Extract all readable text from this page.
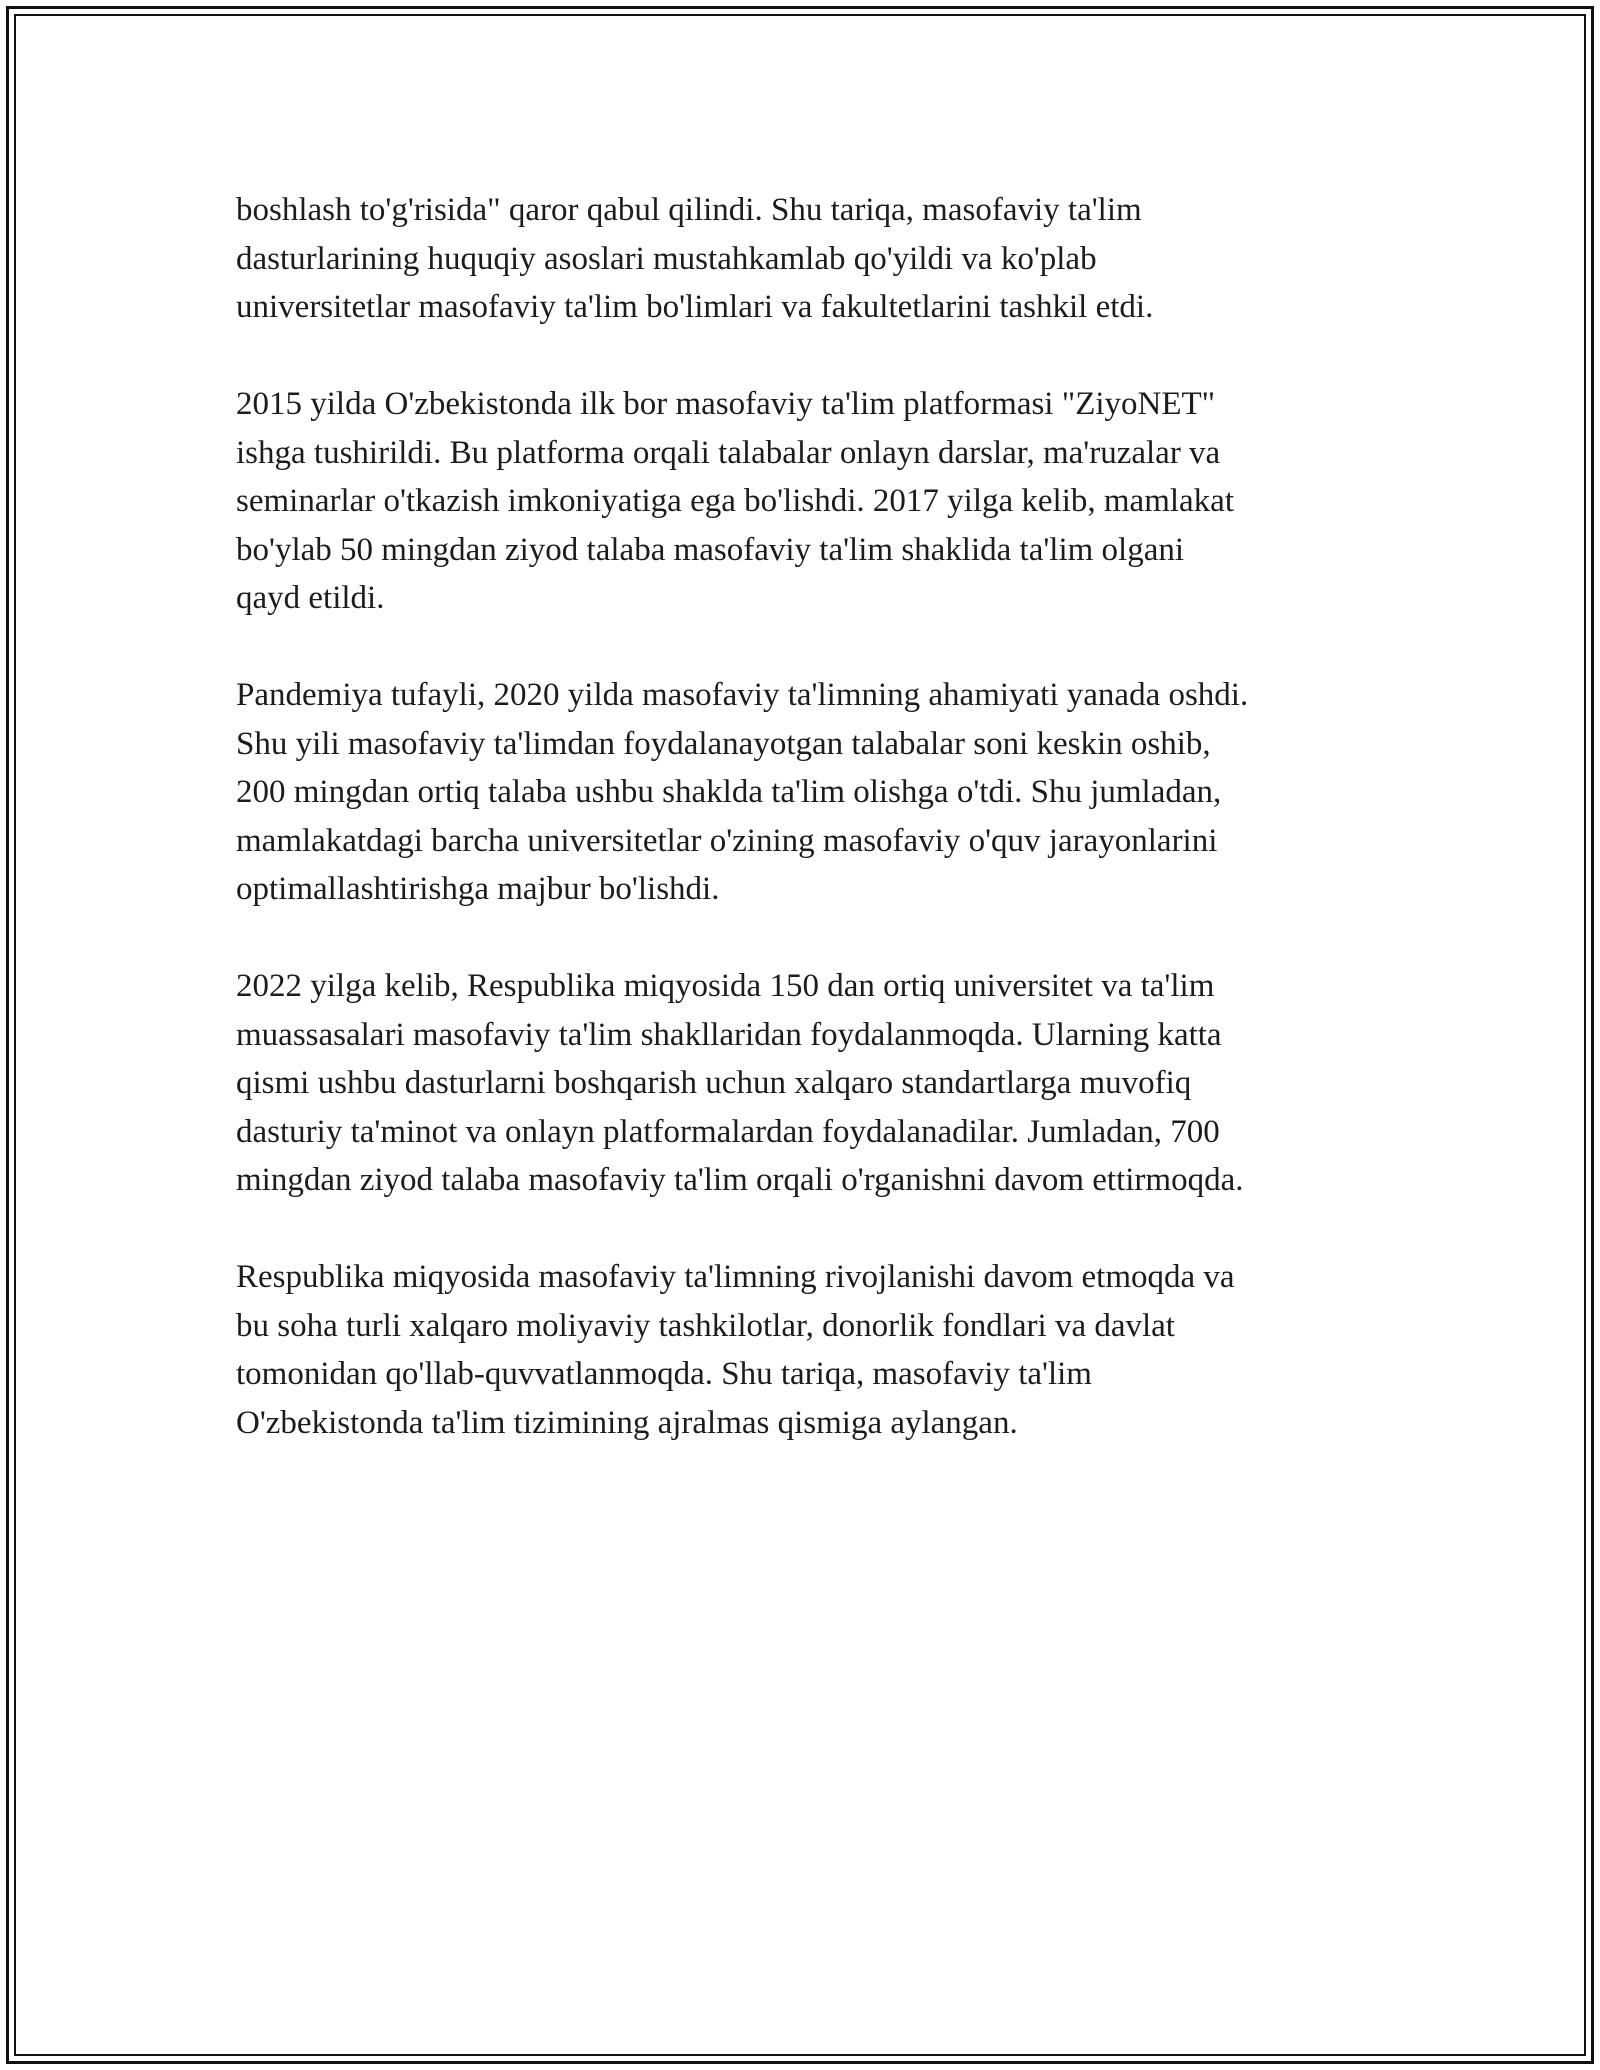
boshlash to'g'risida" qaror qabul qilindi. Shu tariqa, masofaviy ta'lim
dasturlarining huquqiy asoslari mustahkamlab qo'yildi va ko'plab
universitetlar masofaviy ta'lim bo'limlari va fakultetlarini tashkil etdi.

2015 yilda O'zbekistonda ilk bor masofaviy ta'lim platformasi "ZiyoNET"
ishga tushirildi. Bu platforma orqali talabalar onlayn darslar, ma'ruzalar va
seminarlar o'tkazish imkoniyatiga ega bo'lishdi. 2017 yilga kelib, mamlakat
bo'ylab 50 mingdan ziyod talaba masofaviy ta'lim shaklida ta'lim olgani
qayd etildi.

Pandemiya tufayli, 2020 yilda masofaviy ta'limning ahamiyati yanada oshdi.
Shu yili masofaviy ta'limdan foydalanayotgan talabalar soni keskin oshib,
200 mingdan ortiq talaba ushbu shaklda ta'lim olishga o'tdi. Shu jumladan,
mamlakatdagi barcha universitetlar o'zining masofaviy o'quv jarayonlarini
optimallashtirishga majbur bo'lishdi.

2022 yilga kelib, Respublika miqyosida 150 dan ortiq universitet va ta'lim
muassasalari masofaviy ta'lim shakllaridan foydalanmoqda. Ularning katta
qismi ushbu dasturlarni boshqarish uchun xalqaro standartlarga muvofiq
dasturiy ta'minot va onlayn platformalardan foydalanadilar. Jumladan, 700
mingdan ziyod talaba masofaviy ta'lim orqali o'rganishni davom ettirmoqda.

Respublika miqyosida masofaviy ta'limning rivojlanishi davom etmoqda va
bu soha turli xalqaro moliyaviy tashkilotlar, donorlik fondlari va davlat
tomonidan qo'llab-quvvatlanmoqda. Shu tariqa, masofaviy ta'lim
O'zbekistonda ta'lim tizimining ajralmas qismiga aylangan.
